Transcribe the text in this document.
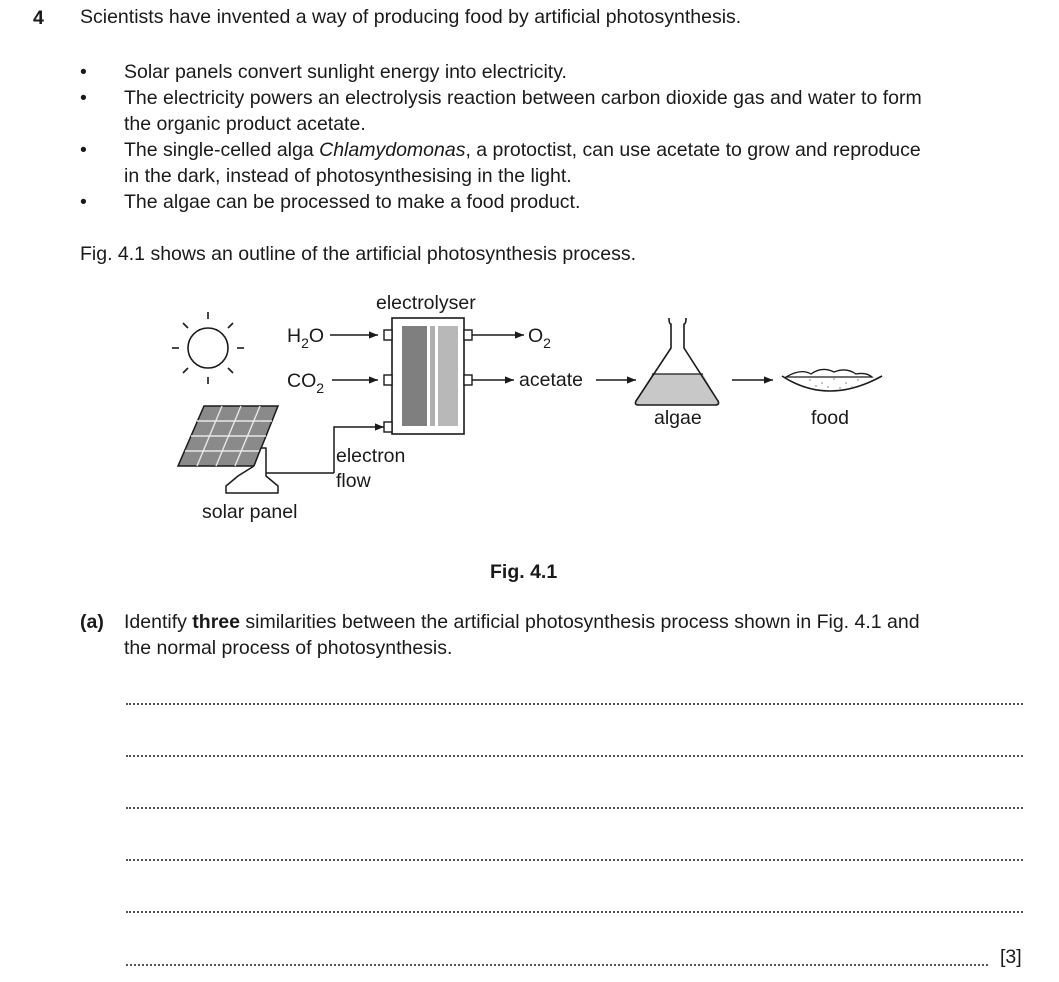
4 Scientists have invented a way of producing food by artificial photosynthesis.
• Solar panels convert sunlight energy into electricity.
• The electricity powers an electrolysis reaction between carbon dioxide gas and water to form
the organic product acetate.
• The single-celled alga Chlamydomonas, a protoctist, can use acetate to grow and reproduce
in the dark, instead of photosynthesising in the light.
• The algae can be processed to make a food product.
Fig. 4.1 shows an outline of the artificial photosynthesis process.
electrolyser
$H_2O$
$CO_2$
$O_2$
acetate
algae	food
electron
flow
solar panel
Fig. 4.1
(a) Identify three similarities between the artificial photosynthesis process shown in Fig. 4.1 and
the normal process of photosynthesis.
[3]
